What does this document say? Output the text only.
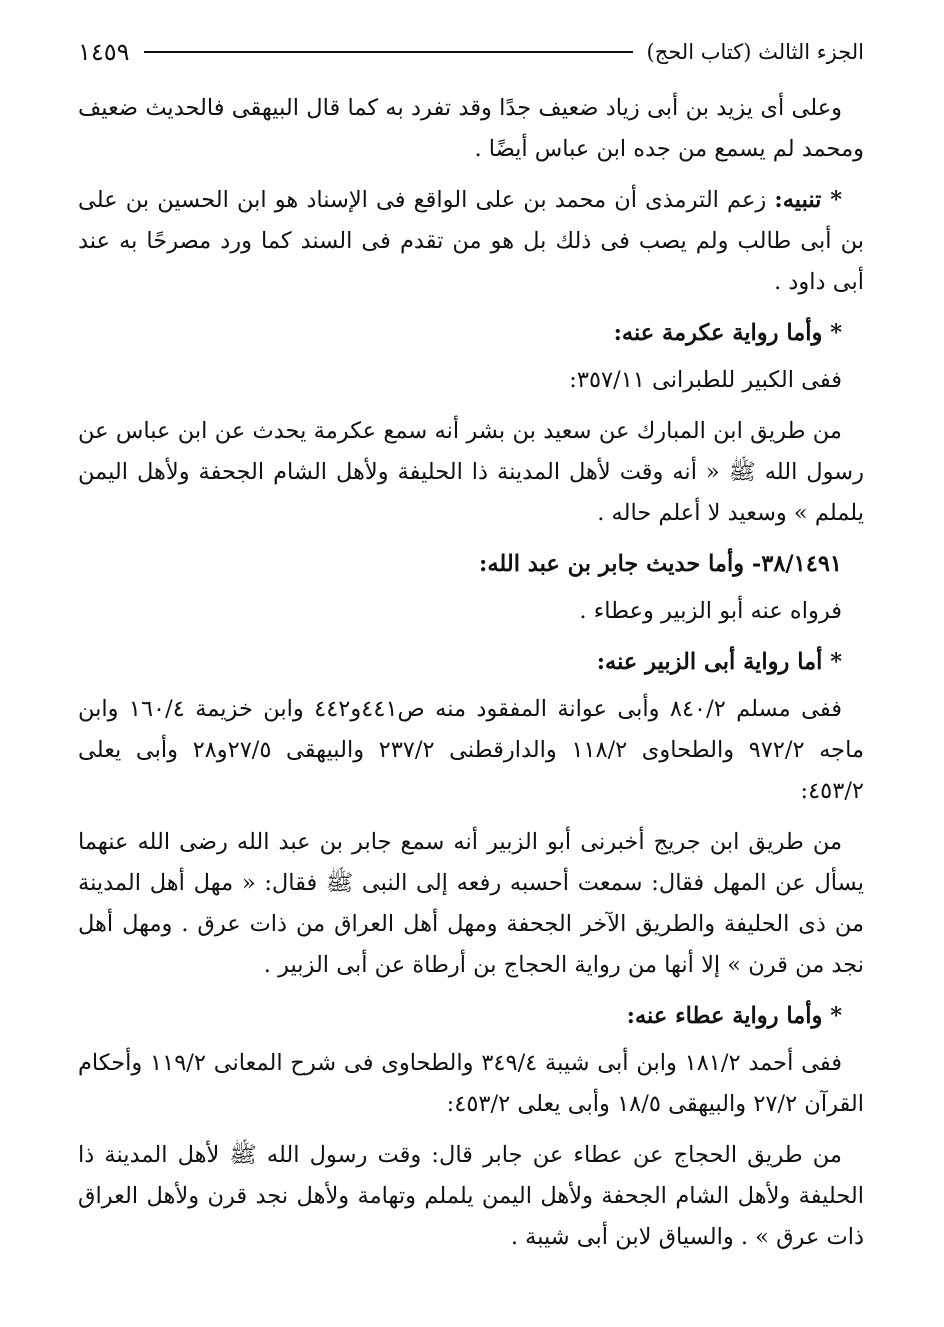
الجزء الثالث (كتاب الحج)
١٤٥٩

وعلى أى يزيد بن أبى زياد ضعيف جدًا وقد تفرد به كما قال البيهقى فالحديث ضعيف ومحمد لم يسمع من جده ابن عباس أيضًا .

* تنبيه: زعم الترمذى أن محمد بن على الواقع فى الإسناد هو ابن الحسين بن على بن أبى طالب ولم يصب فى ذلك بل هو من تقدم فى السند كما ورد مصرحًا به عند أبى داود .

* وأما رواية عكرمة عنه:

ففى الكبير للطبرانى ٣٥٧/١١:

من طريق ابن المبارك عن سعيد بن بشر أنه سمع عكرمة يحدث عن ابن عباس عن رسول الله ﷺ « أنه وقت لأهل المدينة ذا الحليفة ولأهل الشام الجحفة ولأهل اليمن يلملم » وسعيد لا أعلم حاله .

٣٨/١٤٩١- وأما حديث جابر بن عبد الله:

فرواه عنه أبو الزبير وعطاء .

* أما رواية أبى الزبير عنه:

ففى مسلم ٨٤٠/٢ وأبى عوانة المفقود منه ص٤٤١و٤٤٢ وابن خزيمة ١٦٠/٤ وابن ماجه ٩٧٢/٢ والطحاوى ١١٨/٢ والدارقطنى ٢٣٧/٢ والبيهقى ٢٧/٥و٢٨ وأبى يعلى ٤٥٣/٢:

من طريق ابن جريج أخبرنى أبو الزبير أنه سمع جابر بن عبد الله رضى الله عنهما يسأل عن المهل فقال: سمعت أحسبه رفعه إلى النبى ﷺ فقال: « مهل أهل المدينة من ذى الحليفة والطريق الآخر الجحفة ومهل أهل العراق من ذات عرق . ومهل أهل نجد من قرن » إلا أنها من رواية الحجاج بن أرطاة عن أبى الزبير .

* وأما رواية عطاء عنه:

ففى أحمد ١٨١/٢ وابن أبى شيبة ٣٤٩/٤ والطحاوى فى شرح المعانى ١١٩/٢ وأحكام القرآن ٢٧/٢ والبيهقى ١٨/٥ وأبى يعلى ٤٥٣/٢:

من طريق الحجاج عن عطاء عن جابر قال: وقت رسول الله ﷺ لأهل المدينة ذا الحليفة ولأهل الشام الجحفة ولأهل اليمن يلملم وتهامة ولأهل نجد قرن ولأهل العراق ذات عرق » . والسياق لابن أبى شيبة .
